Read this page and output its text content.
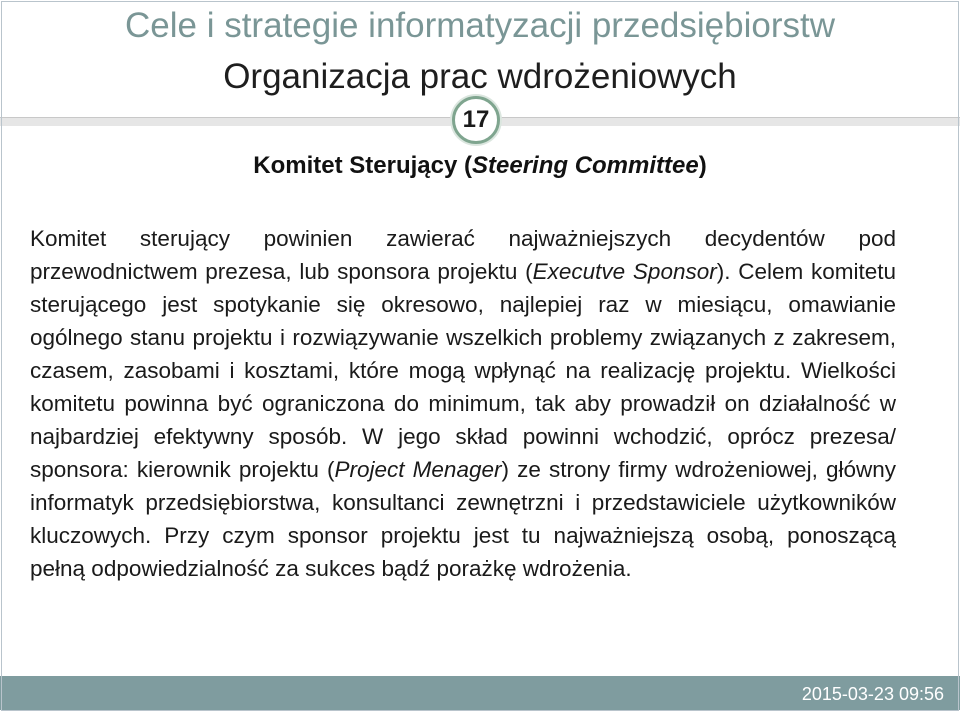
Cele i strategie informatyzacji przedsiębiorstw
Organizacja prac wdrożeniowych
17
Komitet Sterujący (Steering Committee)
Komitet sterujący powinien zawierać najważniejszych decydentów pod przewodnictwem prezesa, lub sponsora projektu (Executve Sponsor). Celem komitetu sterującego jest spotykanie się okresowo, najlepiej raz w miesiącu, omawianie ogólnego stanu projektu i rozwiązywanie wszelkich problemy związanych z zakresem, czasem, zasobami i kosztami, które mogą wpłynąć na realizację projektu. Wielkości komitetu powinna być ograniczona do minimum, tak aby prowadził on działalność w najbardziej efektywny sposób. W jego skład powinni wchodzić, oprócz prezesa/ sponsora: kierownik projektu (Project Menager) ze strony firmy wdrożeniowej, główny informatyk przedsiębiorstwa, konsultanci zewnętrzni i przedstawiciele użytkowników kluczowych. Przy czym sponsor projektu jest tu najważniejszą osobą, ponoszącą pełną odpowiedzialność za sukces bądź porażkę wdrożenia.
2015-03-23 09:56
